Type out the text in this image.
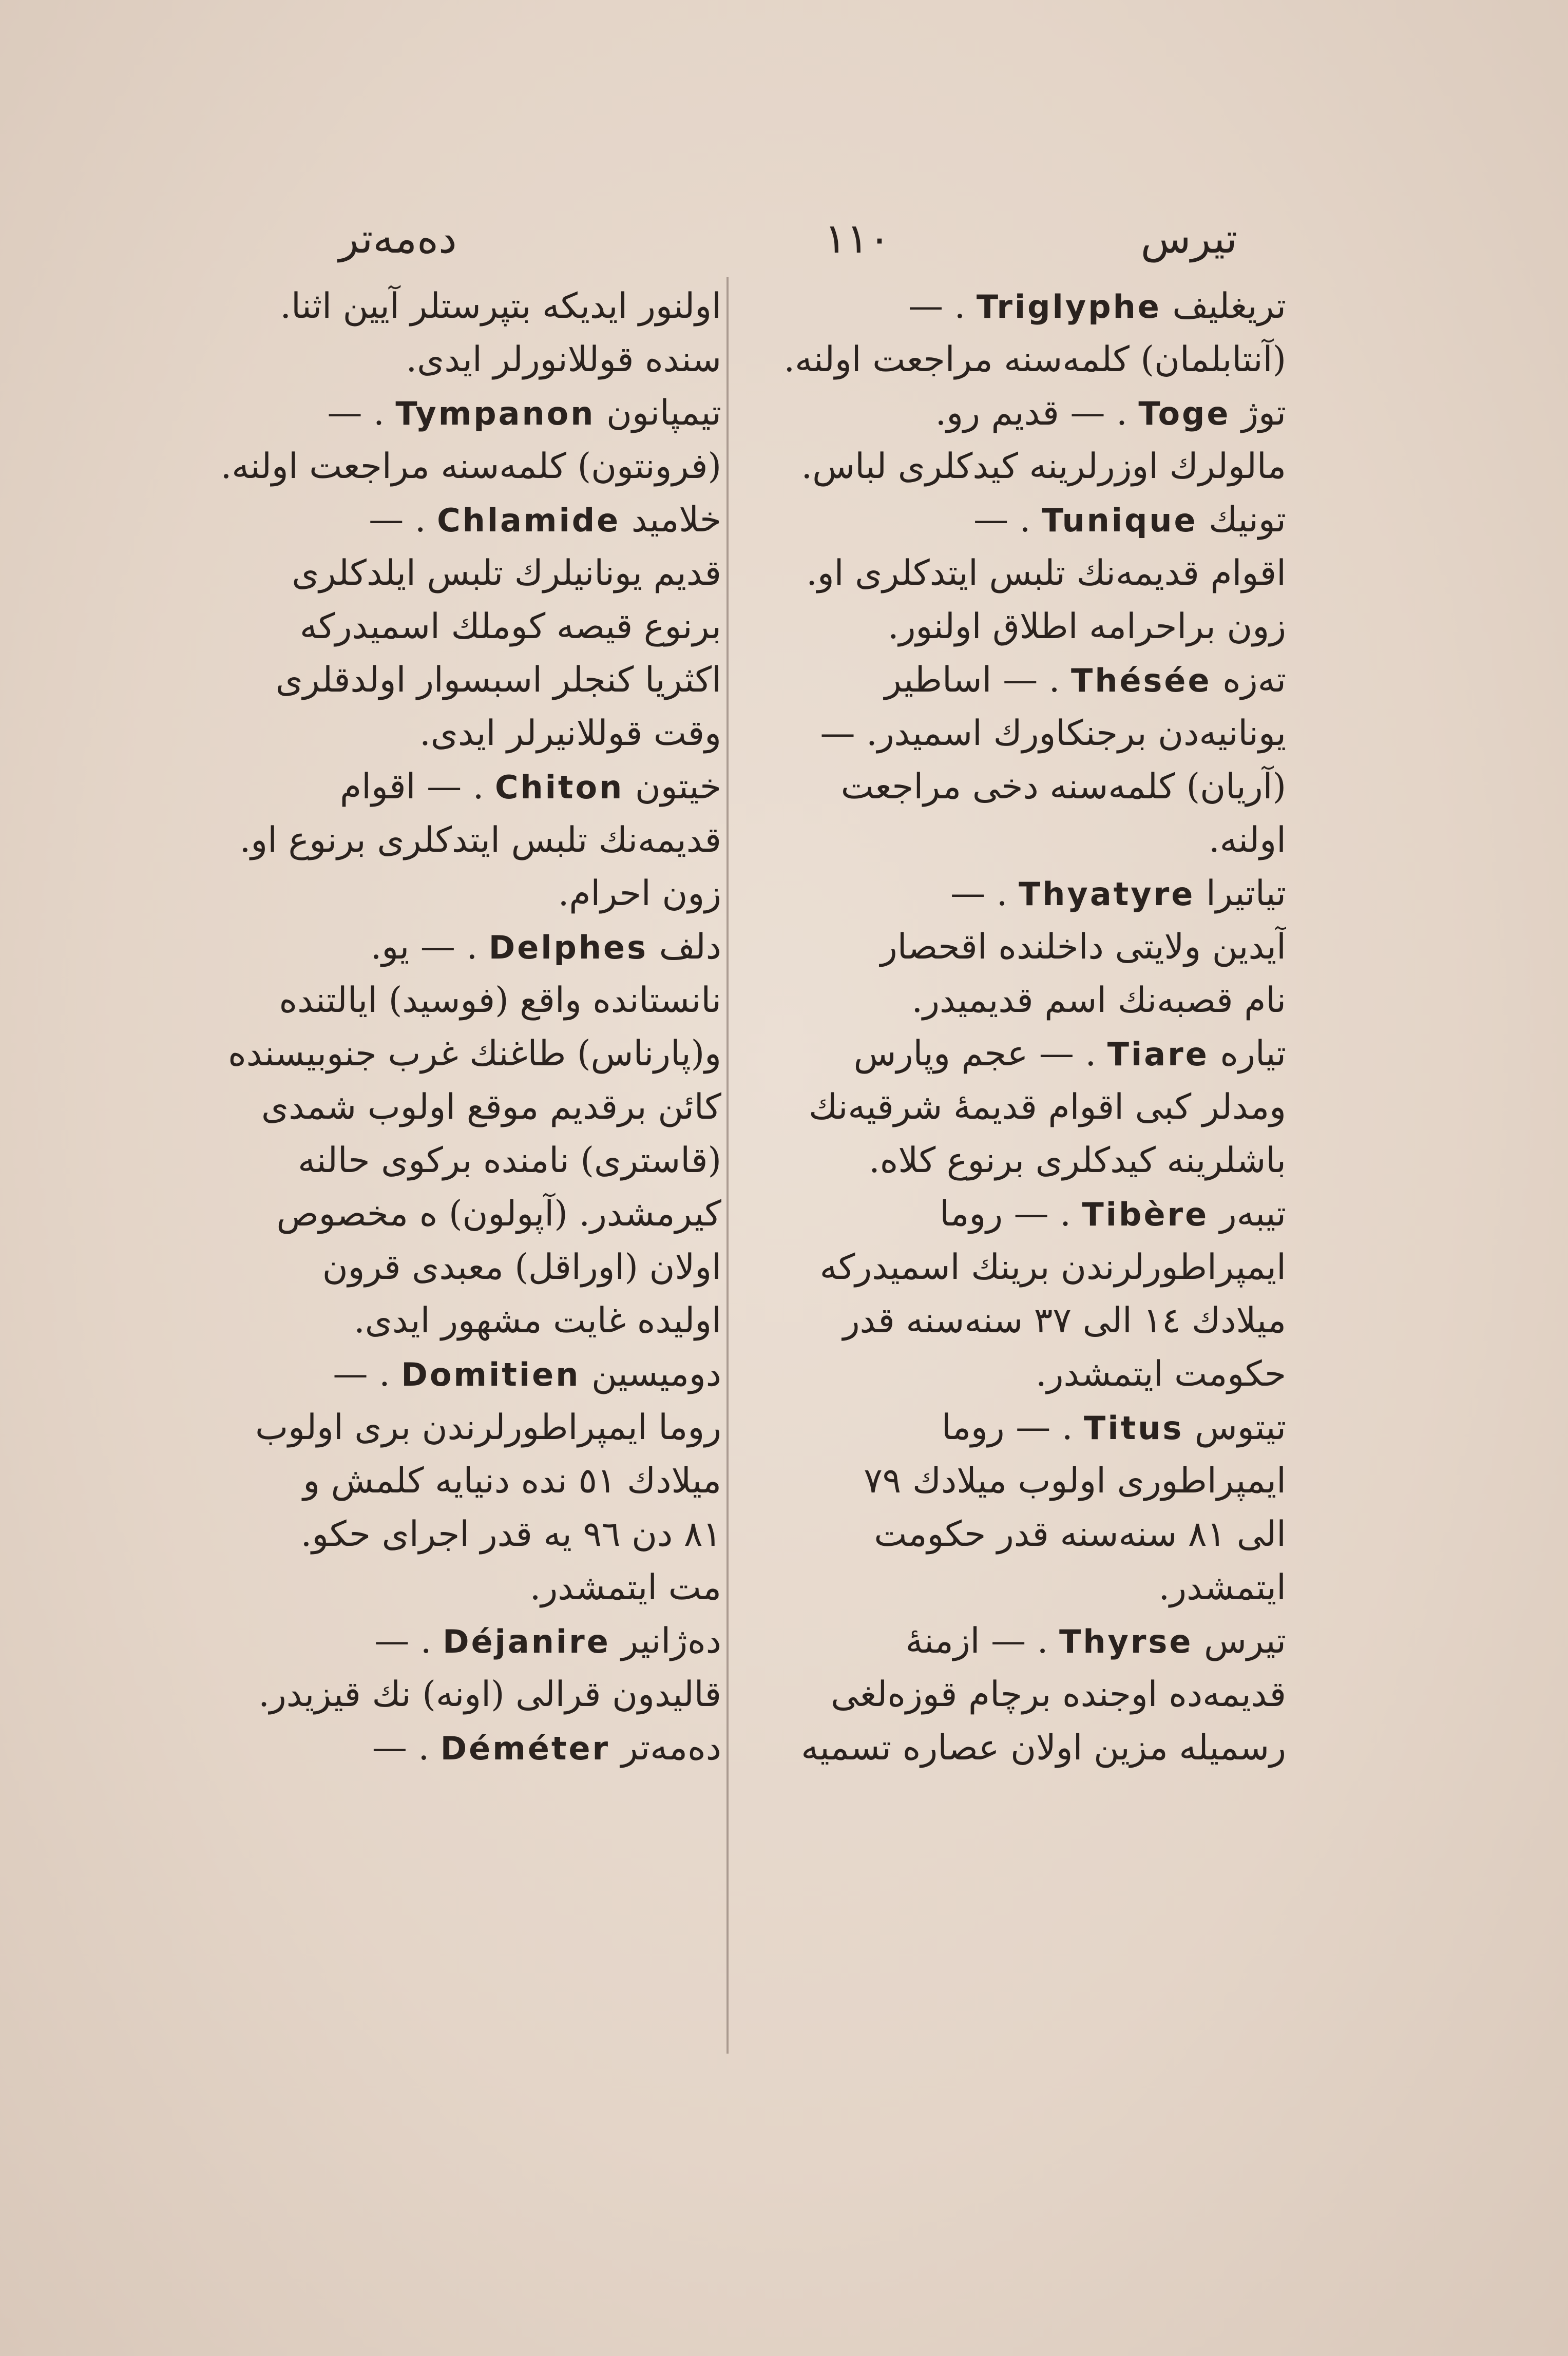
دەمەتر	١١٠	تيرس
تريغليف Triglyphe . —
(آنتابلمان) كلمەسنە مراجعت اولنە.
توژ Toge . — قديم رو.
مالولرك اوزرلرينە كيدكلرى لباس.
تونيك Tunique . —
اقوام قديمەنك تلبس ايتدكلرى او.
زون براحرامە اطلاق اولنور.
تەزە Thésée . — اساطير
يونانيەدن برجنكاورك اسميدر. —
(آريان) كلمەسنە دخى مراجعت
اولنە.
تياتيرا Thyatyre . —
آيدين ولايتى داخلندە اقحصار
نام قصبەنك اسم قديميدر.
تيارە Tiare . — عجم وپارس
ومدلر كبى اقوام قديمۀ شرقيەنك
باشلرينە كيدكلرى برنوع كلاە.
تيبەر Tibère . — روما
ايمپراطورلرندن برينك اسميدركە
ميلادك ١٤ الى ٣٧ سنەسنە قدر
حكومت ايتمشدر.
تيتوس Titus . — روما
ايمپراطورى اولوب ميلادك ٧٩
الى ٨١ سنەسنە قدر حكومت
ايتمشدر.
تيرس Thyrse . — ازمنۀ
قديمەدە اوجندە برچام قوزەلغى
رسميلە مزين اولان عصارە تسميە
اولنور ايديكە بتپرستلر آيين اثنا.
سندە قوللانورلر ايدى.
تيمپانون Tympanon . —
(فرونتون) كلمەسنە مراجعت اولنە.
خلاميد Chlamide . —
قديم يونانيلرك تلبس ايلدكلرى
برنوع قيصە كوملك اسميدركە
اكثريا كنجلر اسبسوار اولدقلرى
وقت قوللانيرلر ايدى.
خيتون Chiton . — اقوام
قديمەنك تلبس ايتدكلرى برنوع او.
زون احرام.
دلف Delphes . — يو.
نانستاندە واقع (فوسيد) ايالتندە
و(پارناس) طاغنك غرب جنوبيسندە
كائن برقديم موقع اولوب شمدى
(قاسترى) نامندە بركوى حالنە
كيرمشدر. (آپولون) ە مخصوص
اولان (اوراقل) معبدى قرون
اوليدە غايت مشهور ايدى.
دوميسين Domitien . —
روما ايمپراطورلرندن برى اولوب
ميلادك ٥١ ندە دنيايە كلمش و
٨١ دن ٩٦ يە قدر اجراى حكو.
مت ايتمشدر.
دەژانير Déjanire . —
قاليدون قرالى (اونە) نك قيزيدر.
دەمەتر Déméter . —
